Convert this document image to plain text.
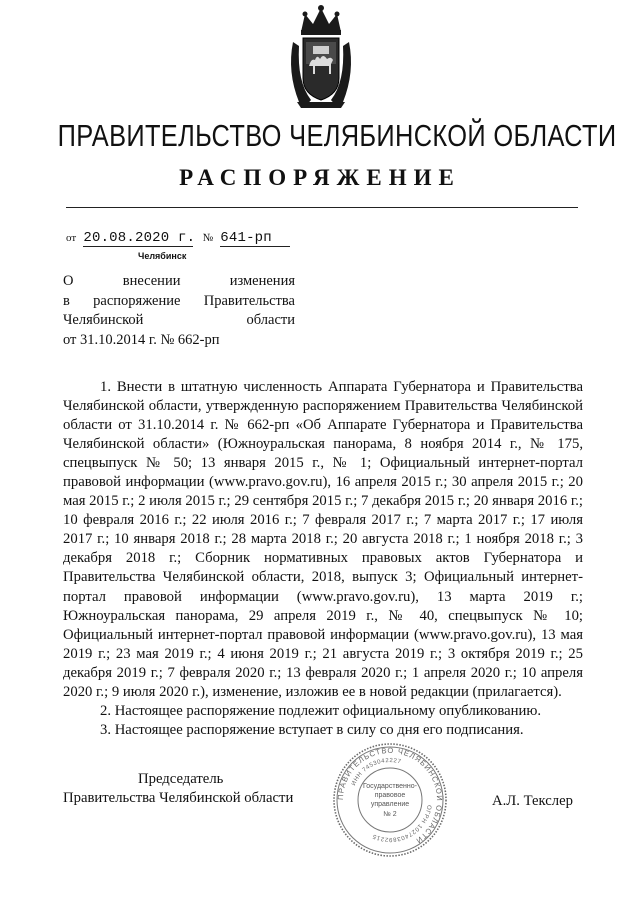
ПРАВИТЕЛЬСТВО ЧЕЛЯБИНСКОЙ ОБЛАСТИ
РАСПОРЯЖЕНИЕ
от 20.08.2020 г. № 641-рп
Челябинск
О внесении изменения
в распоряжение Правительства
Челябинской области
от 31.10.2014 г. № 662-рп

1. Внести в штатную численность Аппарата Губернатора и Правительства Челябинской области, утвержденную распоряжением Правительства Челябинской области от 31.10.2014 г. № 662-рп «Об Аппарате Губернатора и Правительства Челябинской области» (Южноуральская панорама, 8 ноября 2014 г., № 175, спецвыпуск № 50; 13 января 2015 г., № 1; Официальный интернет-портал правовой информации (www.pravo.gov.ru), 16 апреля 2015 г.; 30 апреля 2015 г.; 20 мая 2015 г.; 2 июля 2015 г.; 29 сентября 2015 г.; 7 декабря 2015 г.; 20 января 2016 г.; 10 февраля 2016 г.; 22 июля 2016 г.; 7 февраля 2017 г.; 7 марта 2017 г.; 17 июля 2017 г.; 10 января 2018 г.; 28 марта 2018 г.; 20 августа 2018 г.; 1 ноября 2018 г.; 3 декабря 2018 г.; Сборник нормативных правовых актов Губернатора и Правительства Челябинской области, 2018, выпуск 3; Официальный интернет-портал правовой информации (www.pravo.gov.ru), 13 марта 2019 г.; Южноуральская панорама, 29 апреля 2019 г., № 40, спецвыпуск № 10; Официальный интернет-портал правовой информации (www.pravo.gov.ru), 13 мая 2019 г.; 23 мая 2019 г.; 4 июня 2019 г.; 21 августа 2019 г.; 3 октября 2019 г.; 25 декабря 2019 г.; 7 февраля 2020 г.; 13 февраля 2020 г.; 1 апреля 2020 г.; 10 апреля 2020 г.; 9 июля 2020 г.), изменение, изложив ее в новой редакции (прилагается).

2. Настоящее распоряжение подлежит официальному опубликованию.

3. Настоящее распоряжение вступает в силу со дня его подписания.

Председатель
Правительства Челябинской области	ПРАВИТЕЛЬСТВО ЧЕЛЯБИНСКОЙ ОБЛАСТИ
ОГРН 1027403892215
ИНН 7453042227
Государственно-
правовое
управление
№ 2
А.Л. Текслер
